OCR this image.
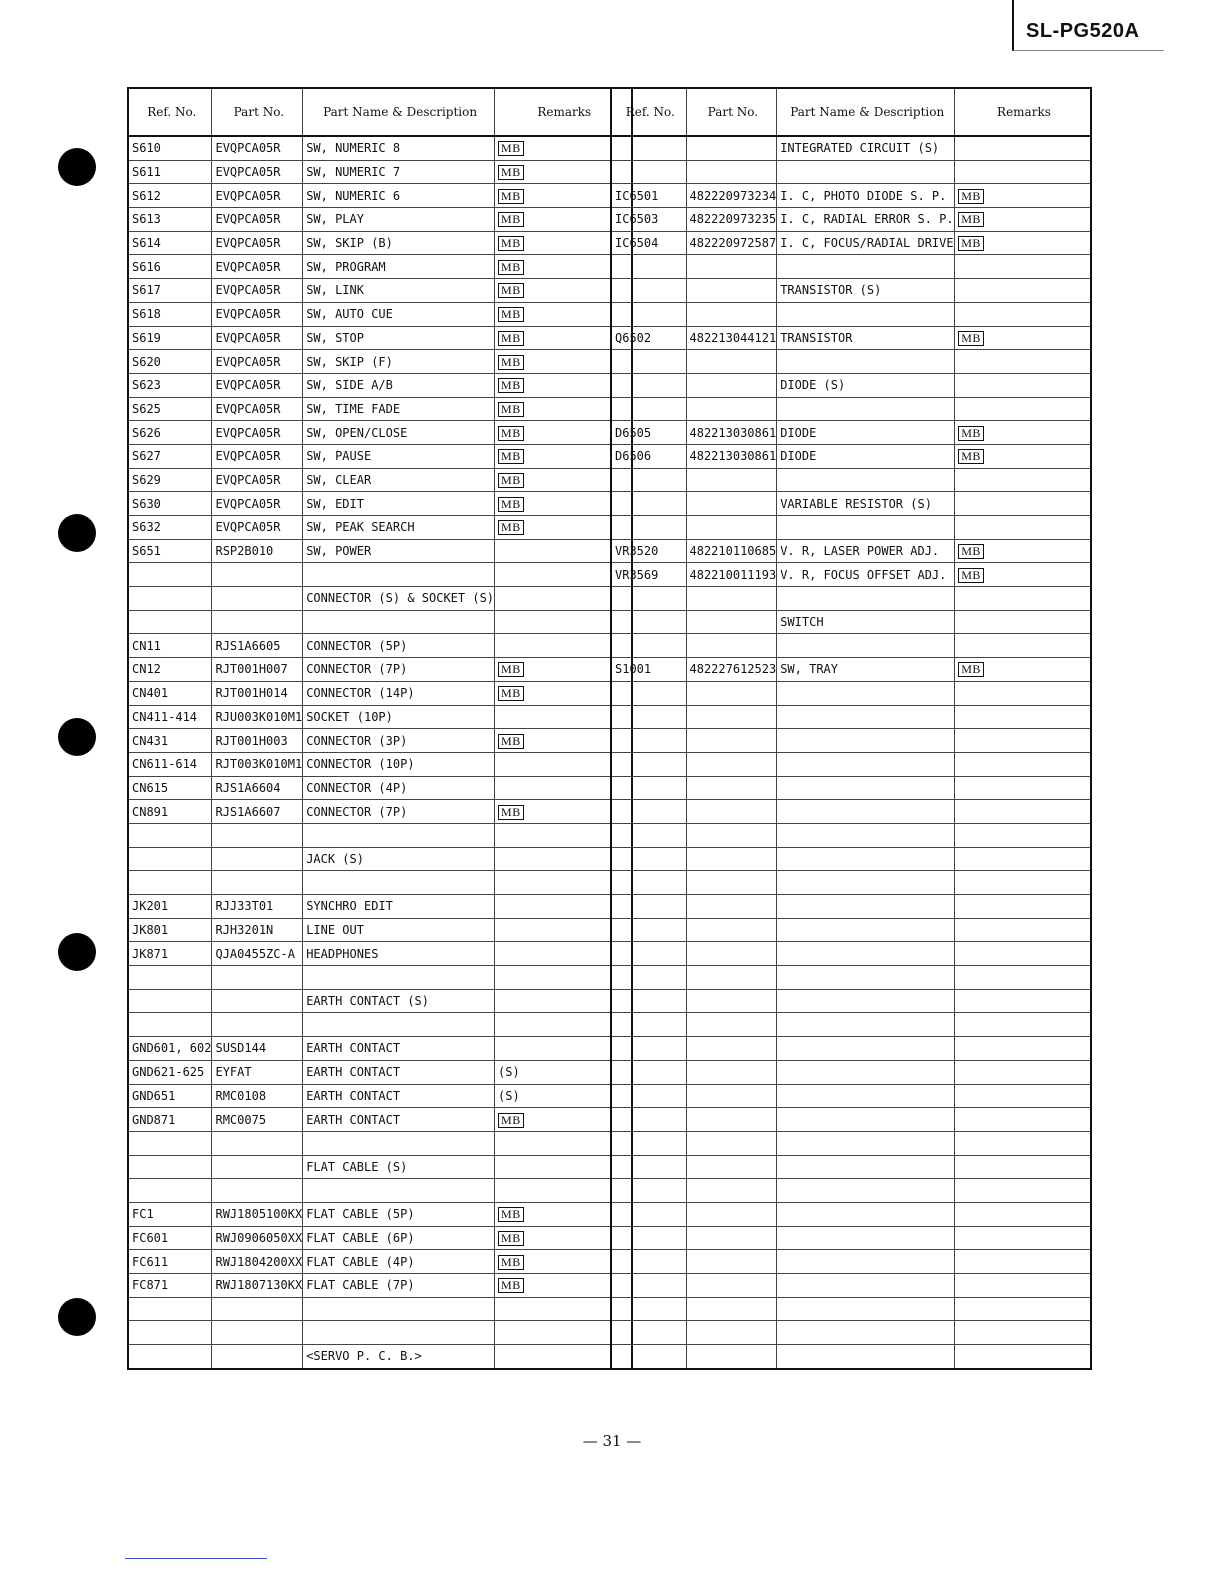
SL-PG520A
Ref. No.	Part No.	Part Name & Description	Remarks
S610	EVQPCA05R	SW, NUMERIC 8	MB
S611	EVQPCA05R	SW, NUMERIC 7	MB
S612	EVQPCA05R	SW, NUMERIC 6	MB
S613	EVQPCA05R	SW, PLAY	MB
S614	EVQPCA05R	SW, SKIP (B)	MB
S616	EVQPCA05R	SW, PROGRAM	MB
S617	EVQPCA05R	SW, LINK	MB
S618	EVQPCA05R	SW, AUTO CUE	MB
S619	EVQPCA05R	SW, STOP	MB
S620	EVQPCA05R	SW, SKIP (F)	MB
S623	EVQPCA05R	SW, SIDE A/B	MB
S625	EVQPCA05R	SW, TIME FADE	MB
S626	EVQPCA05R	SW, OPEN/CLOSE	MB
S627	EVQPCA05R	SW, PAUSE	MB
S629	EVQPCA05R	SW, CLEAR	MB
S630	EVQPCA05R	SW, EDIT	MB
S632	EVQPCA05R	SW, PEAK SEARCH	MB
S651	RSP2B010	SW, POWER	

		CONNECTOR (S) & SOCKET (S)	

CN11	RJS1A6605	CONNECTOR (5P)	
CN12	RJT001H007	CONNECTOR (7P)	MB
CN401	RJT001H014	CONNECTOR (14P)	MB
CN411-414	RJU003K010M1	SOCKET (10P)	
CN431	RJT001H003	CONNECTOR (3P)	MB
CN611-614	RJT003K010M1	CONNECTOR (10P)	
CN615	RJS1A6604	CONNECTOR (4P)	
CN891	RJS1A6607	CONNECTOR (7P)	MB

		JACK (S)	

JK201	RJJ33T01	SYNCHRO EDIT	
JK801	RJH3201N	LINE OUT	
JK871	QJA0455ZC-A	HEADPHONES	

		EARTH CONTACT (S)	

GND601, 602	SUSD144	EARTH CONTACT	
GND621-625	EYFAT	EARTH CONTACT	(S)
GND651	RMC0108	EARTH CONTACT	(S)
GND871	RMC0075	EARTH CONTACT	MB

		FLAT CABLE (S)	

FC1	RWJ1805100KX	FLAT CABLE (5P)	MB
FC601	RWJ0906050XX	FLAT CABLE (6P)	MB
FC611	RWJ1804200XX	FLAT CABLE (4P)	MB
FC871	RWJ1807130KX	FLAT CABLE (7P)	MB

		<SERVO P. C. B.>	
Ref. No.	Part No.	Part Name & Description	Remarks
		INTEGRATED CIRCUIT (S)	

IC6501	482220973234	I. C, PHOTO DIODE S. P.	MB
IC6503	482220973235	I. C, RADIAL ERROR S. P.	MB
IC6504	482220972587	I. C, FOCUS/RADIAL DRIVE	MB

		TRANSISTOR (S)	

Q6502	482213044121	TRANSISTOR	MB

		DIODE (S)	

D6505	482213030861	DIODE	MB
D6506	482213030861	DIODE	MB

		VARIABLE RESISTOR (S)	

VR3520	482210110685	V. R, LASER POWER ADJ.	MB
VR3569	482210011193	V. R, FOCUS OFFSET ADJ.	MB

		SWITCH	

S1001	482227612523	SW, TRAY	MB

— 31 —
